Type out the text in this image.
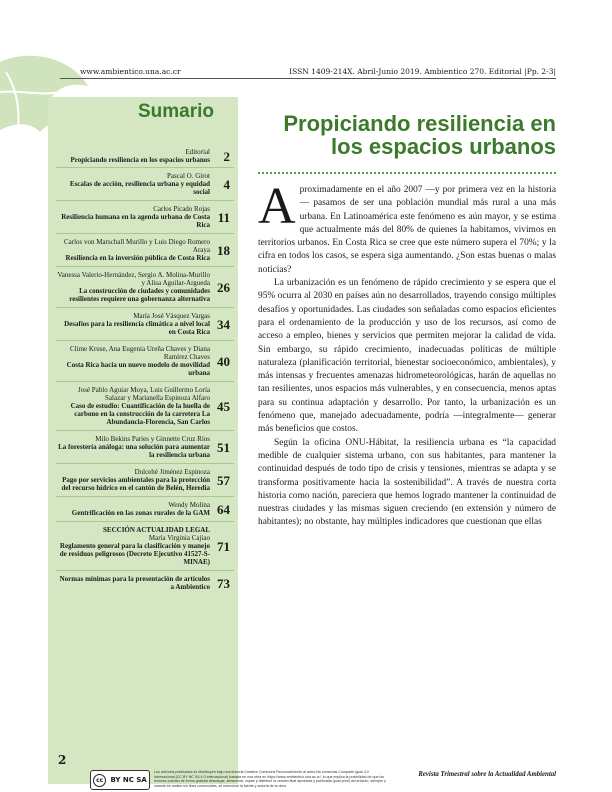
www.ambientico.una.ac.cr	ISSN 1409-214X. Abril-Junio 2019. Ambientico 270. Editorial |Pp. 2-3|
Sumario
Editorial
Propiciando resiliencia en los espacios urbanos 2
Pascal O. Girot
Escalas de acción, resiliencia urbana y equidad social
4
Carlos Picado Rojas
Resiliencia humana en la agenda urbana de Costa Rica
11
Carlos von Marschall Murillo y Luis Diego Romero Araya
Resiliencia en la inversión pública de Costa Rica
18
Vanessa Valerio-Hernández, Sergio A. Molina-Murillo y Alisa Aguilar-Argueda
La construcción de ciudades y comunidades resilientes requiere una gobernanza alternativa
26
María José Vásquez Vargas
Desafíos para la resiliencia climática a nivel local en Costa Rica
34
Clime Kruse, Ana Eugenia Ureña Chaves y Diana Ramírez Chaves
Costa Rica hacia un nuevo modelo de movilidad urbana
40
José Pablo Aguiar Moya, Luis Guillermo Loría Salazar y Marianella Espinoza Alfaro
Caso de estudio: Cuantificación de la huella de carbono en la construcción de la carretera La Abundancia-Florencia, San Carlos
45
Milo Bekins Paries y Ginnette Cruz Ríos
La forestería análoga: una solución para aumentar la resiliencia urbana
51
Dulcehé Jiménez Espinoza
Pago por servicios ambientales para la protección del recurso hídrico en el cantón de Belén, Heredia
57
Wendy Molina
Gentrificación en las zonas rurales de la GAM 64
SECCIÓN ACTUALIDAD LEGAL
María Virginia Cajiao
Reglamento general para la clasificación y manejo de residuos peligrosos (Decreto Ejecutivo 41527-S-MINAE)
71
Normas mínimas para la presentación de artículos a Ambientico 73
Propiciando resiliencia en los espacios urbanos

Aproximadamente en el año 2007 —y por primera vez en la historia— pasamos de ser una población mundial más rural a una más urbana. En Latinoamérica este fenómeno es aún mayor, y se estima que actualmente más del 80% de quienes la habitamos, vivimos en territorios urbanos. En Costa Rica se cree que este número supera el 70%; y la cifra en todos los casos, se espera siga aumentando. ¿Son estas buenas o malas noticias?

La urbanización es un fenómeno de rápido crecimiento y se espera que el 95% ocurra al 2030 en países aún no desarrollados, trayendo consigo múltiples desafíos y oportunidades. Las ciudades son señaladas como espacios eficientes para el ordenamiento de la producción y uso de los recursos, así como de acceso a empleo, bienes y servicios que permiten mejorar la calidad de vida. Sin embargo, su rápido crecimiento, inadecuadas políticas de múltiple naturaleza (planificación territorial, bienestar socioeconómico, ambientales), y más intensas y frecuentes amenazas hidrometeorológicas, harán de aquellas no tan resilientes, unos espacios más vulnerables, y en consecuencia, menos aptas para su continua adaptación y desarrollo. Por tanto, la urbanización es un fenómeno que, manejado adecuadamente, podría —integralmente— generar más beneficios que costos.

Según la oficina ONU-Hábitat, la resiliencia urbana es “la capacidad medible de cualquier sistema urbano, con sus habitantes, para mantener la continuidad después de todo tipo de crisis y tensiones, mientras se adapta y se transforma positivamente hacia la sostenibilidad”. A través de nuestra corta historia como nación, pareciera que hemos logrado mantener la continuidad de nuestras ciudades y las mismas siguen creciendo (en extensión y número de habitantes); no obstante, hay múltiples indicadores que cuestionan que ellas

2
cc	BY NC SA
Los artículos publicados se distribuyen bajo una licencia Creative Commons Reconocimiento al autor-No comercial-Compartir igual 4.0 Internacional (CC BY NC SA 4.0 Internacional) basada en una obra en https://www.ambientico.una.ac.cr/, lo que implica la posibilidad de que los lectores puedan de forma gratuita descargar, almacenar, copiar y distribuir la versión final aprobada y publicada (post print) del artículo, siempre y cuando se realice sin fines comerciales, se mencione la fuente y autoría de la obra.
Revista Trimestral sobre la Actualidad Ambiental
